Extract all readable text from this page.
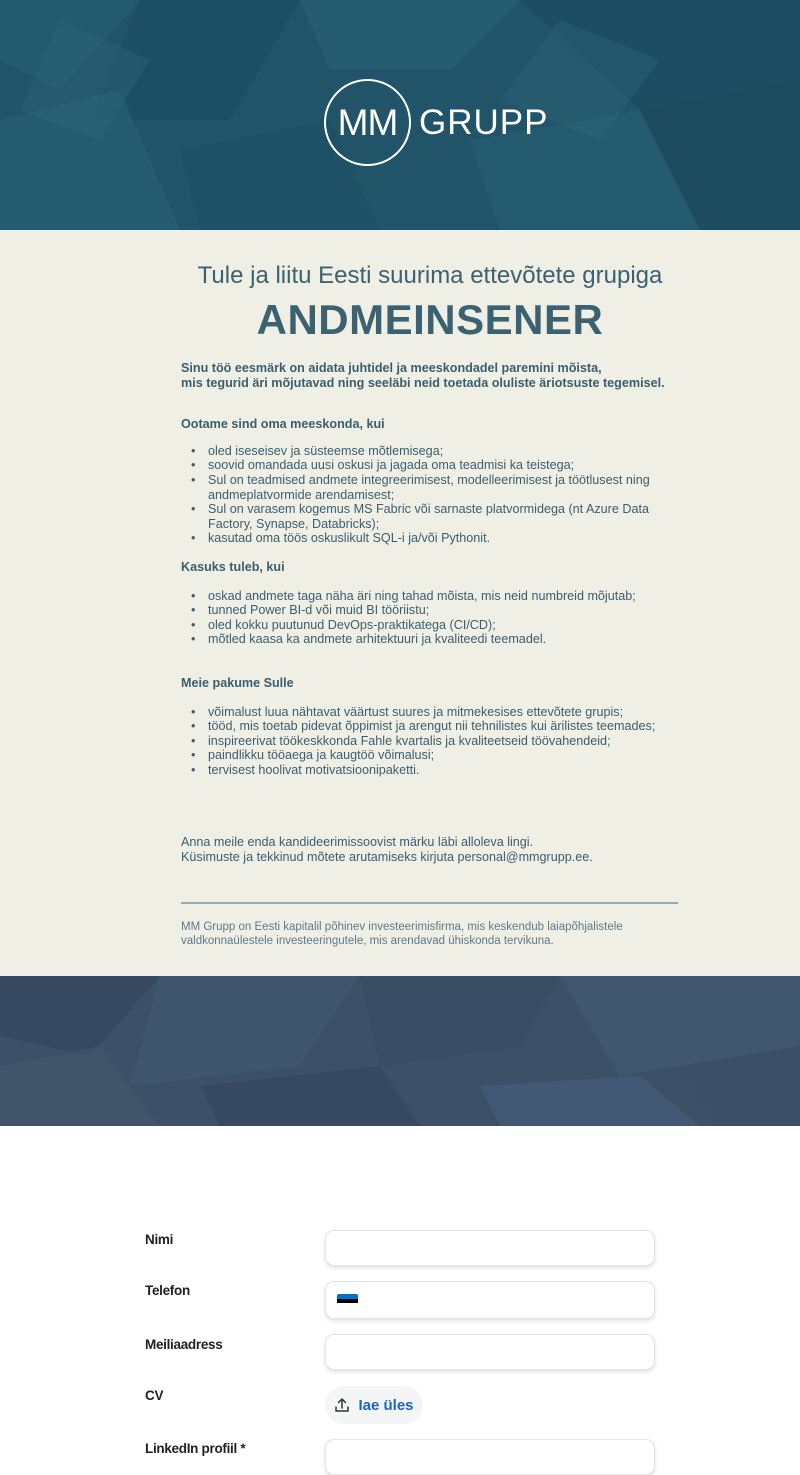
MM GRUPP
Tule ja liitu Eesti suurima ettevõtete grupiga
ANDMEINSENER
Sinu töö eesmärk on aidata juhtidel ja meeskondadel paremini mõista,
mis tegurid äri mõjutavad ning seeläbi neid toetada oluliste äriotsuste tegemisel.
Ootame sind oma meeskonda, kui
• oled iseseisev ja süsteemse mõtlemisega;
• soovid omandada uusi oskusi ja jagada oma teadmisi ka teistega;
• Sul on teadmised andmete integreerimisest, modelleerimisest ja töötlusest ning andmeplatvormide arendamisest;
• Sul on varasem kogemus MS Fabric või sarnaste platvormidega (nt Azure Data Factory, Synapse, Databricks);
• kasutad oma töös oskuslikult SQL-i ja/või Pythonit.
Kasuks tuleb, kui
• oskad andmete taga näha äri ning tahad mõista, mis neid numbreid mõjutab;
• tunned Power BI-d või muid BI tööriistu;
• oled kokku puutunud DevOps-praktikatega (CI/CD);
• mõtled kaasa ka andmete arhitektuuri ja kvaliteedi teemadel.
Meie pakume Sulle
• võimalust luua nähtavat väärtust suures ja mitmekesises ettevõtete grupis;
• tööd, mis toetab pidevat õppimist ja arengut nii tehnilistes kui ärilistes teemades;
• inspireerivat töökeskkonda Fahle kvartalis ja kvaliteetseid töövahendeid;
• paindlikku tööaega ja kaugtöö võimalusi;
• tervisest hoolivat motivatsioonipaketti.
Anna meile enda kandideerimissoovist märku läbi alloleva lingi.
Küsimuste ja tekkinud mõtete arutamiseks kirjuta personal@mmgrupp.ee.
MM Grupp on Eesti kapitalil põhinev investeerimisfirma, mis keskendub laiapõhjalistele
valdkonnaülestele investeeringutele, mis arendavad ühiskonda tervikuna.
Nimi
Telefon
Meiliaadress
CV
Iae üles
LinkedIn profiil *
